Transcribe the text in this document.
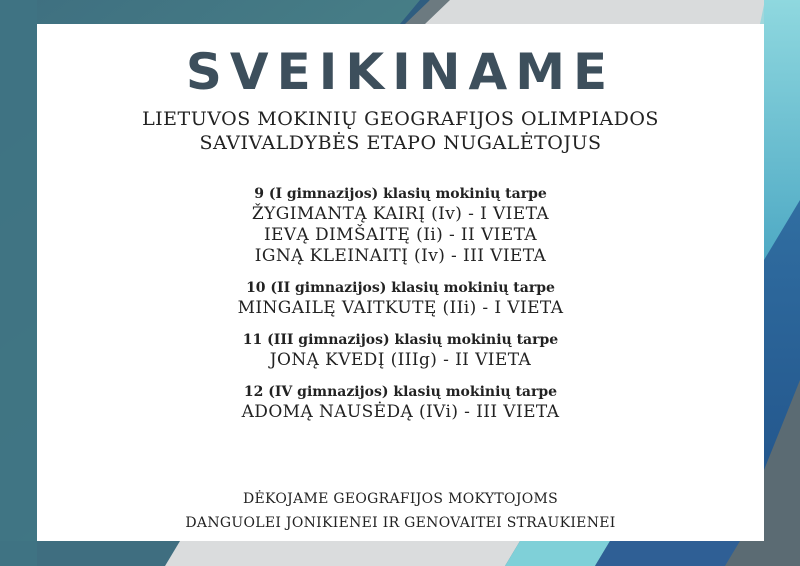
SVEIKINAME
LIETUVOS MOKINIŲ GEOGRAFIJOS OLIMPIADOS
SAVIVALDYBĖS ETAPO NUGALĖTOJUS
9 (I gimnazijos) klasių mokinių tarpe
ŽYGIMANTĄ KAIRĮ (Iv) - I VIETA
IEVĄ DIMŠAITĘ (Ii) - II VIETA
IGNĄ KLEINAITĮ (Iv) - III VIETA
10 (II gimnazijos) klasių mokinių tarpe
MINGAILĘ VAITKUTĘ (IIi) - I VIETA
11 (III gimnazijos) klasių mokinių tarpe
JONĄ KVEDĮ (IIIg) - II VIETA
12 (IV gimnazijos) klasių mokinių tarpe
ADOMĄ NAUSĖDĄ (IVi) - III VIETA
DĖKOJAME GEOGRAFIJOS MOKYTOJOMS
DANGUOLEI JONIKIENEI IR GENOVAITEI STRAUKIENEI
